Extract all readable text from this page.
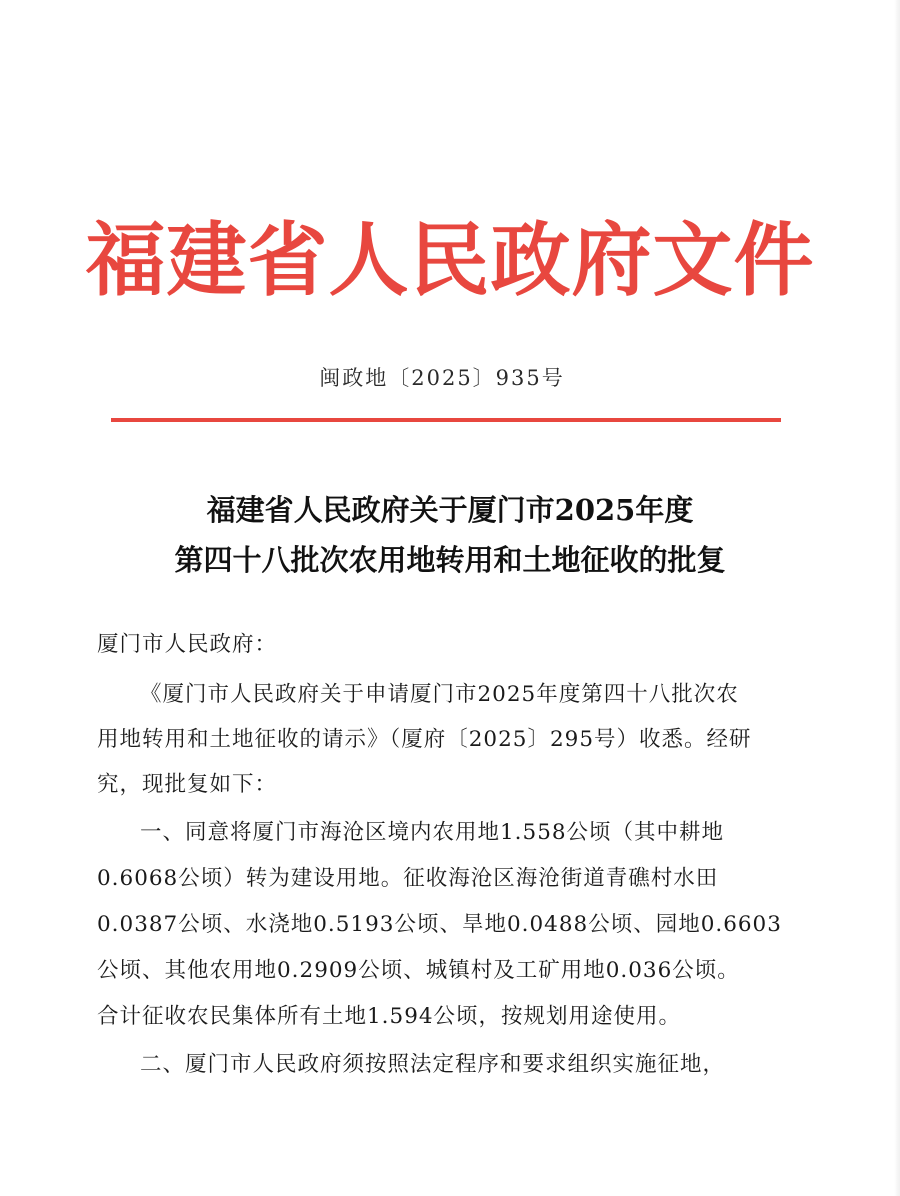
福建省人民政府文件
闽政地〔2025〕935号
福建省人民政府关于厦门市2025年度
第四十八批次农用地转用和土地征收的批复
厦门市人民政府：
《厦门市人民政府关于申请厦门市2025年度第四十八批次农
用地转用和土地征收的请示》（厦府〔2025〕295号）收悉。经研
究，现批复如下：
一、同意将厦门市海沧区境内农用地1.558公顷（其中耕地
0.6068公顷）转为建设用地。征收海沧区海沧街道青礁村水田
0.0387公顷、水浇地0.5193公顷、旱地0.0488公顷、园地0.6603
公顷、其他农用地0.2909公顷、城镇村及工矿用地0.036公顷。
合计征收农民集体所有土地1.594公顷，按规划用途使用。
二、厦门市人民政府须按照法定程序和要求组织实施征地，
